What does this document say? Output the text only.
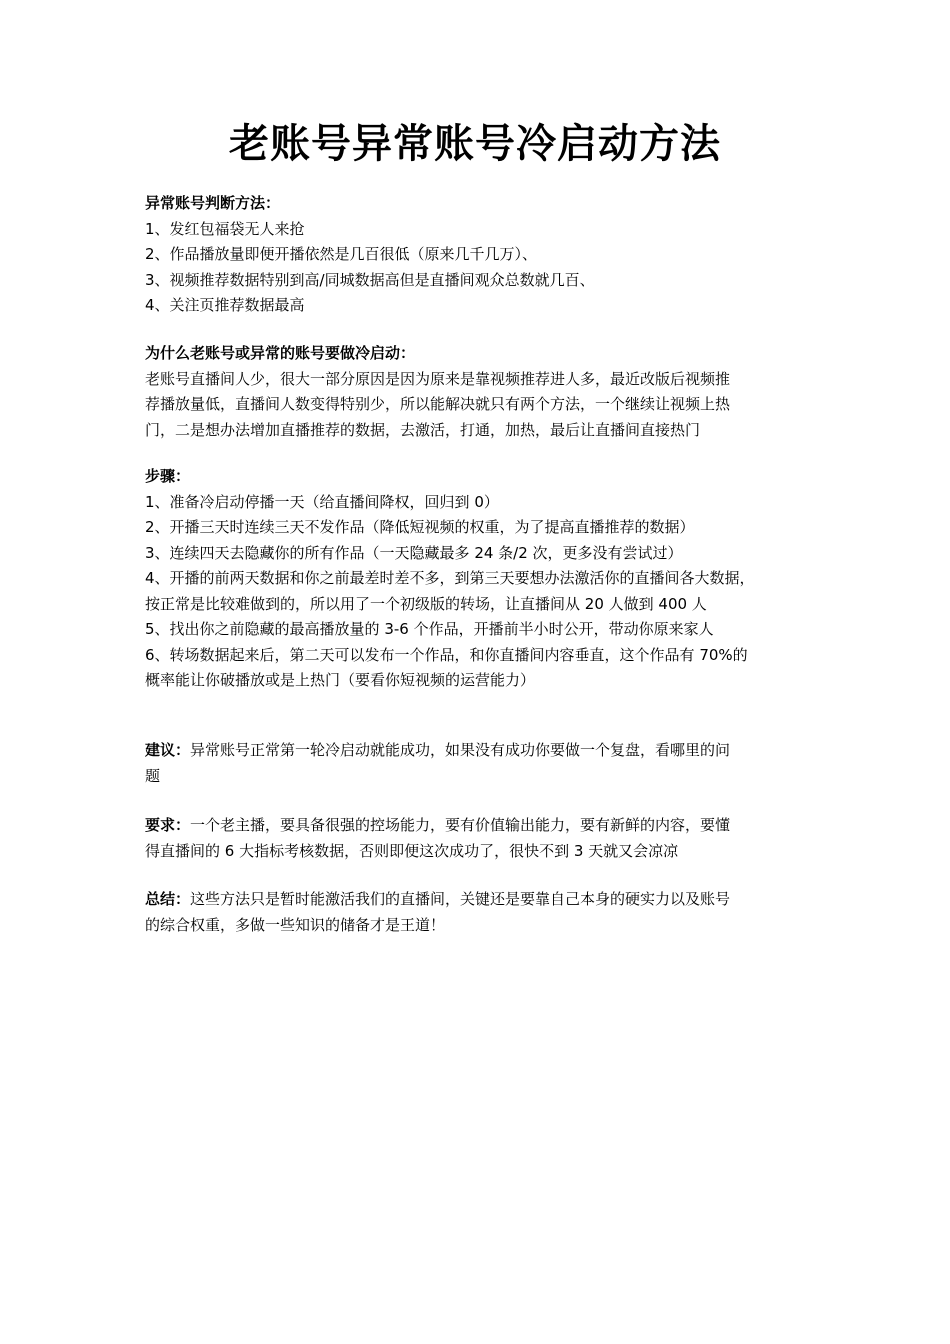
老账号异常账号冷启动方法
异常账号判断方法：
1、发红包福袋无人来抢
2、作品播放量即便开播依然是几百很低（原来几千几万）、
3、视频推荐数据特别到高/同城数据高但是直播间观众总数就几百、
4、关注页推荐数据最高
为什么老账号或异常的账号要做冷启动：
老账号直播间人少，很大一部分原因是因为原来是靠视频推荐进人多，最近改版后视频推
荐播放量低，直播间人数变得特别少，所以能解决就只有两个方法，一个继续让视频上热
门，二是想办法增加直播推荐的数据，去激活，打通，加热，最后让直播间直接热门
步骤：
1、准备冷启动停播一天（给直播间降权，回归到 0）
2、开播三天时连续三天不发作品（降低短视频的权重，为了提高直播推荐的数据）
3、连续四天去隐藏你的所有作品（一天隐藏最多 24 条/2 次，更多没有尝试过）
4、开播的前两天数据和你之前最差时差不多，到第三天要想办法激活你的直播间各大数据，
按正常是比较难做到的，所以用了一个初级版的转场，让直播间从 20 人做到 400 人
5、找出你之前隐藏的最高播放量的 3-6 个作品，开播前半小时公开，带动你原来家人
6、转场数据起来后，第二天可以发布一个作品，和你直播间内容垂直，这个作品有 70%的
概率能让你破播放或是上热门（要看你短视频的运营能力）
建议：异常账号正常第一轮冷启动就能成功，如果没有成功你要做一个复盘，看哪里的问
题
要求：一个老主播，要具备很强的控场能力，要有价值输出能力，要有新鲜的内容，要懂
得直播间的 6 大指标考核数据，否则即便这次成功了，很快不到 3 天就又会凉凉
总结：这些方法只是暂时能激活我们的直播间，关键还是要靠自己本身的硬实力以及账号
的综合权重，多做一些知识的储备才是王道！
